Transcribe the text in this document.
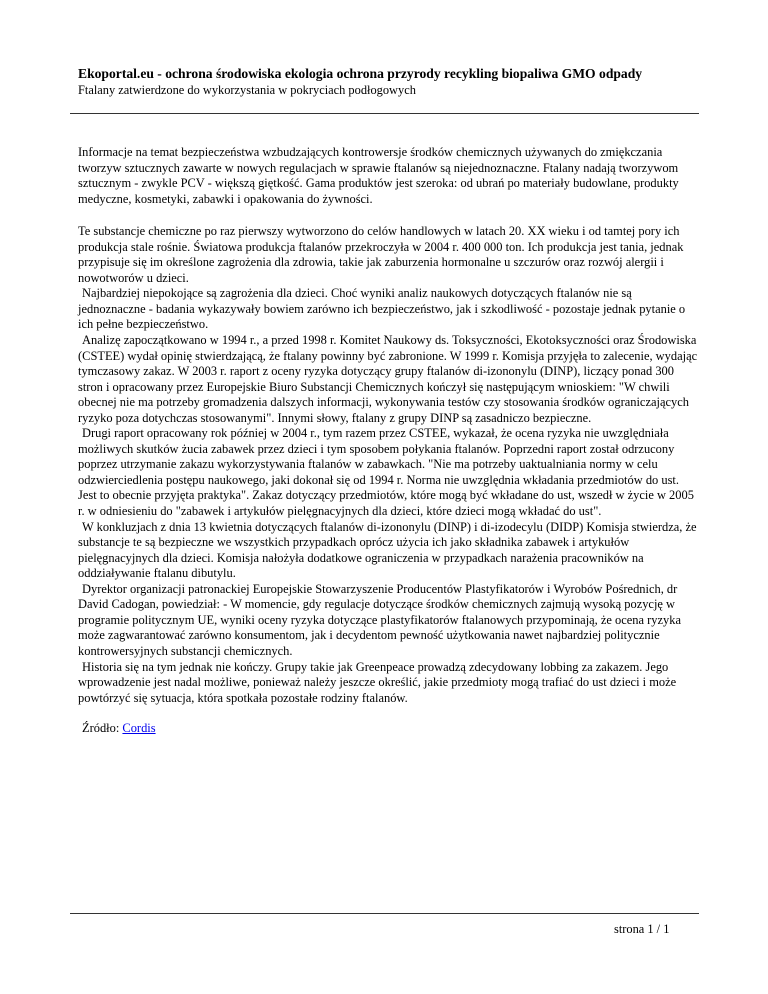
Ekoportal.eu - ochrona środowiska ekologia ochrona przyrody recykling biopaliwa GMO odpady
Ftalany zatwierdzone do wykorzystania w pokryciach podłogowych

Informacje na temat bezpieczeństwa wzbudzających kontrowersje środków chemicznych używanych do zmiękczania tworzyw sztucznych zawarte w nowych regulacjach w sprawie ftalanów są niejednoznaczne. Ftalany nadają tworzywom sztucznym - zwykle PCV - większą giętkość. Gama produktów jest szeroka: od ubrań po materiały budowlane, produkty medyczne, kosmetyki, zabawki i opakowania do żywności.

Te substancje chemiczne po raz pierwszy wytworzono do celów handlowych w latach 20. XX wieku i od tamtej pory ich produkcja stale rośnie. Światowa produkcja ftalanów przekroczyła w 2004 r. 400 000 ton. Ich produkcja jest tania, jednak przypisuje się im określone zagrożenia dla zdrowia, takie jak zaburzenia hormonalne u szczurów oraz rozwój alergii i nowotworów u dzieci.

Najbardziej niepokojące są zagrożenia dla dzieci. Choć wyniki analiz naukowych dotyczących ftalanów nie są jednoznaczne - badania wykazywały bowiem zarówno ich bezpieczeństwo, jak i szkodliwość - pozostaje jednak pytanie o ich pełne bezpieczeństwo.

Analizę zapoczątkowano w 1994 r., a przed 1998 r. Komitet Naukowy ds. Toksyczności, Ekotoksyczności oraz Środowiska (CSTEE) wydał opinię stwierdzającą, że ftalany powinny być zabronione. W 1999 r. Komisja przyjęła to zalecenie, wydając tymczasowy zakaz. W 2003 r. raport z oceny ryzyka dotyczący grupy ftalanów di-izononylu (DINP), liczący ponad 300 stron i opracowany przez Europejskie Biuro Substancji Chemicznych kończył się następującym wnioskiem: "W chwili obecnej nie ma potrzeby gromadzenia dalszych informacji, wykonywania testów czy stosowania środków ograniczających ryzyko poza dotychczas stosowanymi". Innymi słowy, ftalany z grupy DINP są zasadniczo bezpieczne.

Drugi raport opracowany rok później w 2004 r., tym razem przez CSTEE, wykazał, że ocena ryzyka nie uwzględniała możliwych skutków żucia zabawek przez dzieci i tym sposobem połykania ftalanów. Poprzedni raport został odrzucony poprzez utrzymanie zakazu wykorzystywania ftalanów w zabawkach. "Nie ma potrzeby uaktualniania normy w celu odzwierciedlenia postępu naukowego, jaki dokonał się od 1994 r. Norma nie uwzględnia wkładania przedmiotów do ust. Jest to obecnie przyjęta praktyka". Zakaz dotyczący przedmiotów, które mogą być wkładane do ust, wszedł w życie w 2005 r. w odniesieniu do "zabawek i artykułów pielęgnacyjnych dla dzieci, które dzieci mogą wkładać do ust".

W konkluzjach z dnia 13 kwietnia dotyczących ftalanów di-izononylu (DINP) i di-izodecylu (DIDP) Komisja stwierdza, że substancje te są bezpieczne we wszystkich przypadkach oprócz użycia ich jako składnika zabawek i artykułów pielęgnacyjnych dla dzieci. Komisja nałożyła dodatkowe ograniczenia w przypadkach narażenia pracowników na oddziaływanie ftalanu dibutylu.

Dyrektor organizacji patronackiej Europejskie Stowarzyszenie Producentów Plastyfikatorów i Wyrobów Pośrednich, dr David Cadogan, powiedział: - W momencie, gdy regulacje dotyczące środków chemicznych zajmują wysoką pozycję w programie politycznym UE, wyniki oceny ryzyka dotyczące plastyfikatorów ftalanowych przypominają, że ocena ryzyka może zagwarantować zarówno konsumentom, jak i decydentom pewność użytkowania nawet najbardziej politycznie kontrowersyjnych substancji chemicznych.

Historia się na tym jednak nie kończy. Grupy takie jak Greenpeace prowadzą zdecydowany lobbing za zakazem. Jego wprowadzenie jest nadal możliwe, ponieważ należy jeszcze określić, jakie przedmioty mogą trafiać do ust dzieci i może powtórzyć się sytuacja, która spotkała pozostałe rodziny ftalanów.

Źródło: Cordis

strona 1 / 1
